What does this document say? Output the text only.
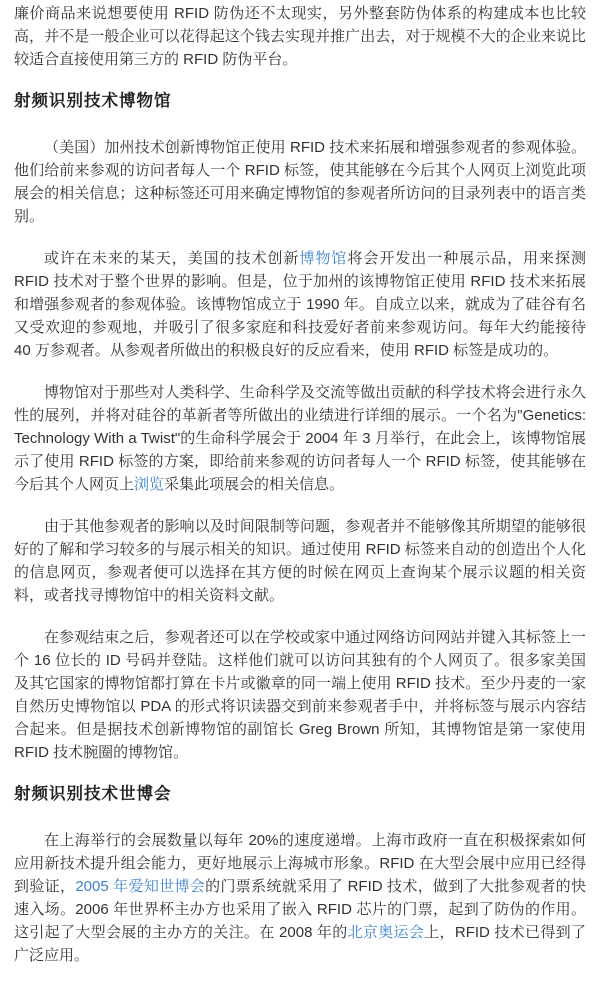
廉价商品来说想要使用 RFID 防伪还不太现实，另外整套防伪体系的构建成本也比较高，并不是一般企业可以花得起这个钱去实现并推广出去，对于规模不大的企业来说比较适合直接使用第三方的 RFID 防伪平台。

射频识别技术博物馆

（美国）加州技术创新博物馆正使用 RFID 技术来拓展和增强参观者的参观体验。他们给前来参观的访问者每人一个 RFID 标签，使其能够在今后其个人网页上浏览此项展会的相关信息；这种标签还可用来确定博物馆的参观者所访问的目录列表中的语言类别。

或许在未来的某天，美国的技术创新博物馆将会开发出一种展示品，用来探测 RFID 技术对于整个世界的影响。但是，位于加州的该博物馆正使用 RFID 技术来拓展和增强参观者的参观体验。该博物馆成立于 1990 年。自成立以来，就成为了硅谷有名又受欢迎的参观地，并吸引了很多家庭和科技爱好者前来参观访问。每年大约能接待 40 万参观者。从参观者所做出的积极良好的反应看来，使用 RFID 标签是成功的。

博物馆对于那些对人类科学、生命科学及交流等做出贡献的科学技术将会进行永久性的展列，并将对硅谷的革新者等所做出的业绩进行详细的展示。一个名为"Genetics: Technology With a Twist"的生命科学展会于 2004 年 3 月举行，在此会上，该博物馆展示了使用 RFID 标签的方案，即给前来参观的访问者每人一个 RFID 标签，使其能够在今后其个人网页上浏览采集此项展会的相关信息。

由于其他参观者的影响以及时间限制等问题，参观者并不能够像其所期望的能够很好的了解和学习较多的与展示相关的知识。通过使用 RFID 标签来自动的创造出个人化的信息网页，参观者便可以选择在其方便的时候在网页上查询某个展示议题的相关资料，或者找寻博物馆中的相关资料文献。

在参观结束之后，参观者还可以在学校或家中通过网络访问网站并键入其标签上一个 16 位长的 ID 号码并登陆。这样他们就可以访问其独有的个人网页了。很多家美国及其它国家的博物馆都打算在卡片或徽章的同一端上使用 RFID 技术。至少丹麦的一家自然历史博物馆以 PDA 的形式将识读器交到前来参观者手中，并将标签与展示内容结合起来。但是据技术创新博物馆的副馆长 Greg Brown 所知，其博物馆是第一家使用 RFID 技术腕圈的博物馆。

射频识别技术世博会

在上海举行的会展数量以每年 20%的速度递增。上海市政府一直在积极探索如何应用新技术提升组会能力，更好地展示上海城市形象。RFID 在大型会展中应用已经得到验证，2005 年爱知世博会的门票系统就采用了 RFID 技术，做到了大批参观者的快速入场。2006 年世界杯主办方也采用了嵌入 RFID 芯片的门票，起到了防伪的作用。这引起了大型会展的主办方的关注。在 2008 年的北京奥运会上，RFID 技术已得到了广泛应用。
